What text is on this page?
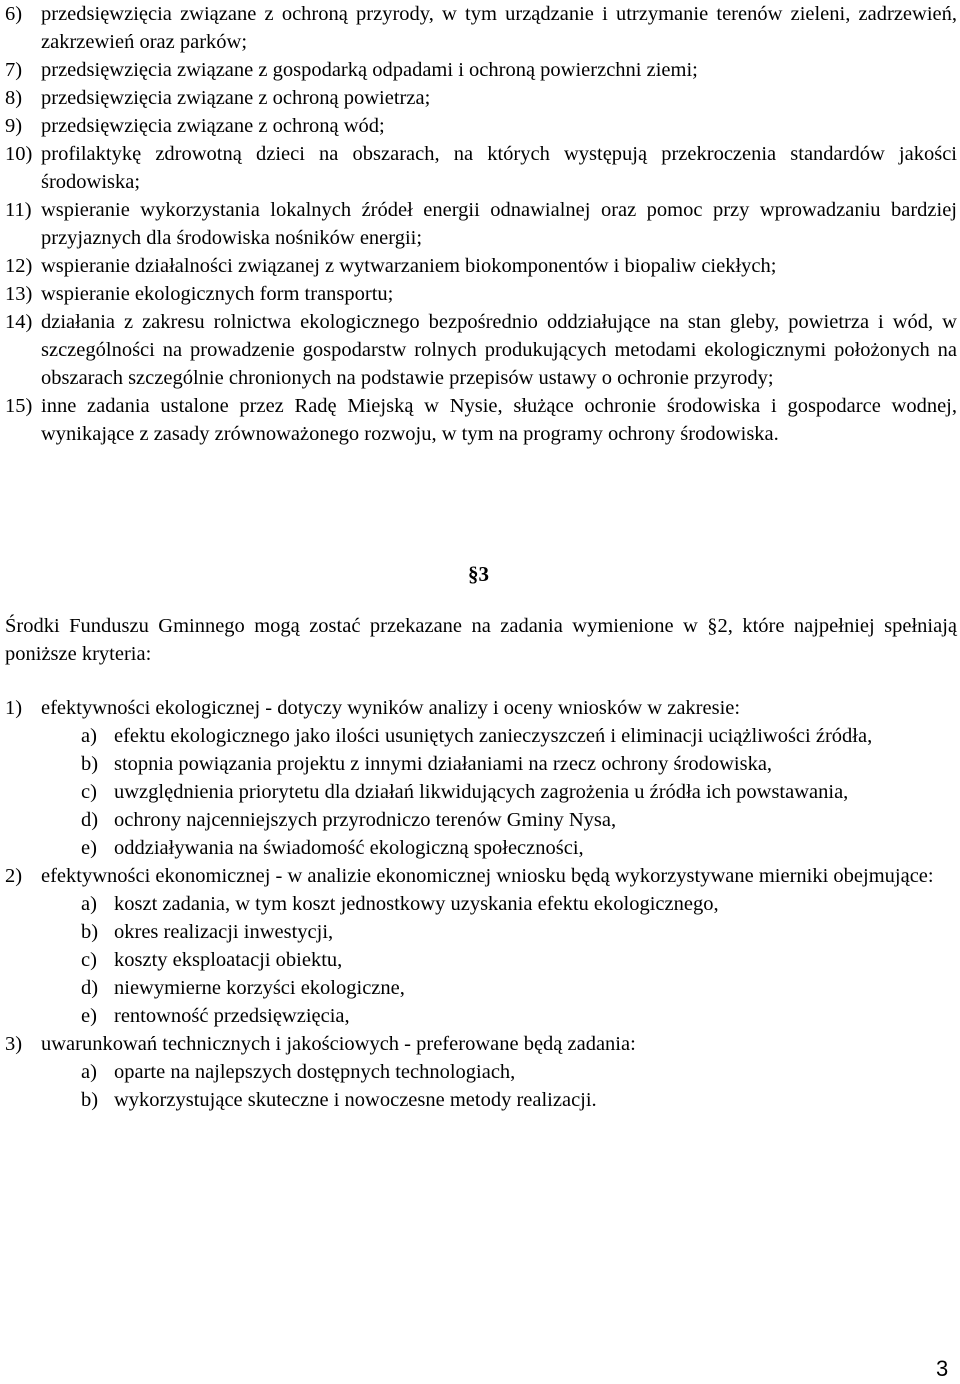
6) przedsięwzięcia związane z ochroną przyrody, w tym urządzanie i utrzymanie terenów zieleni, zadrzewień, zakrzewień oraz parków;
7) przedsięwzięcia związane z gospodarką odpadami i ochroną powierzchni ziemi;
8) przedsięwzięcia związane z ochroną powietrza;
9) przedsięwzięcia związane z ochroną wód;
10) profilaktykę zdrowotną dzieci na obszarach, na których występują przekroczenia standardów jakości środowiska;
11) wspieranie wykorzystania lokalnych źródeł energii odnawialnej oraz pomoc przy wprowadzaniu bardziej przyjaznych dla środowiska nośników energii;
12) wspieranie działalności związanej z wytwarzaniem biokomponentów i biopaliw ciekłych;
13) wspieranie ekologicznych form transportu;
14) działania z zakresu rolnictwa ekologicznego bezpośrednio oddziałujące na stan gleby, powietrza i wód, w szczególności na prowadzenie gospodarstw rolnych produkujących metodami ekologicznymi położonych na obszarach szczególnie chronionych na podstawie przepisów ustawy o ochronie przyrody;
15) inne zadania ustalone przez Radę Miejską w Nysie, służące ochronie środowiska i gospodarce wodnej, wynikające z zasady zrównoważonego rozwoju, w tym na programy ochrony środowiska.
§3

Środki Funduszu Gminnego mogą zostać przekazane na zadania wymienione w §2, które najpełniej spełniają poniższe kryteria:

1) efektywności ekologicznej - dotyczy wyników analizy i oceny wniosków w zakresie:
a) efektu ekologicznego jako ilości usuniętych zanieczyszczeń i eliminacji uciążliwości źródła,
b) stopnia powiązania projektu z innymi działaniami na rzecz ochrony środowiska,
c) uwzględnienia priorytetu dla działań likwidujących zagrożenia u źródła ich powstawania,
d) ochrony najcenniejszych przyrodniczo terenów Gminy Nysa,
e) oddziaływania na świadomość ekologiczną społeczności,
2) efektywności ekonomicznej - w analizie ekonomicznej wniosku będą wykorzystywane mierniki obejmujące:
a) koszt zadania, w tym koszt jednostkowy uzyskania efektu ekologicznego,
b) okres realizacji inwestycji,
c) koszty eksploatacji obiektu,
d) niewymierne korzyści ekologiczne,
e) rentowność przedsięwzięcia,
3) uwarunkowań technicznych i jakościowych - preferowane będą zadania:
a) oparte na najlepszych dostępnych technologiach,
b) wykorzystujące skuteczne i nowoczesne metody realizacji.
3
